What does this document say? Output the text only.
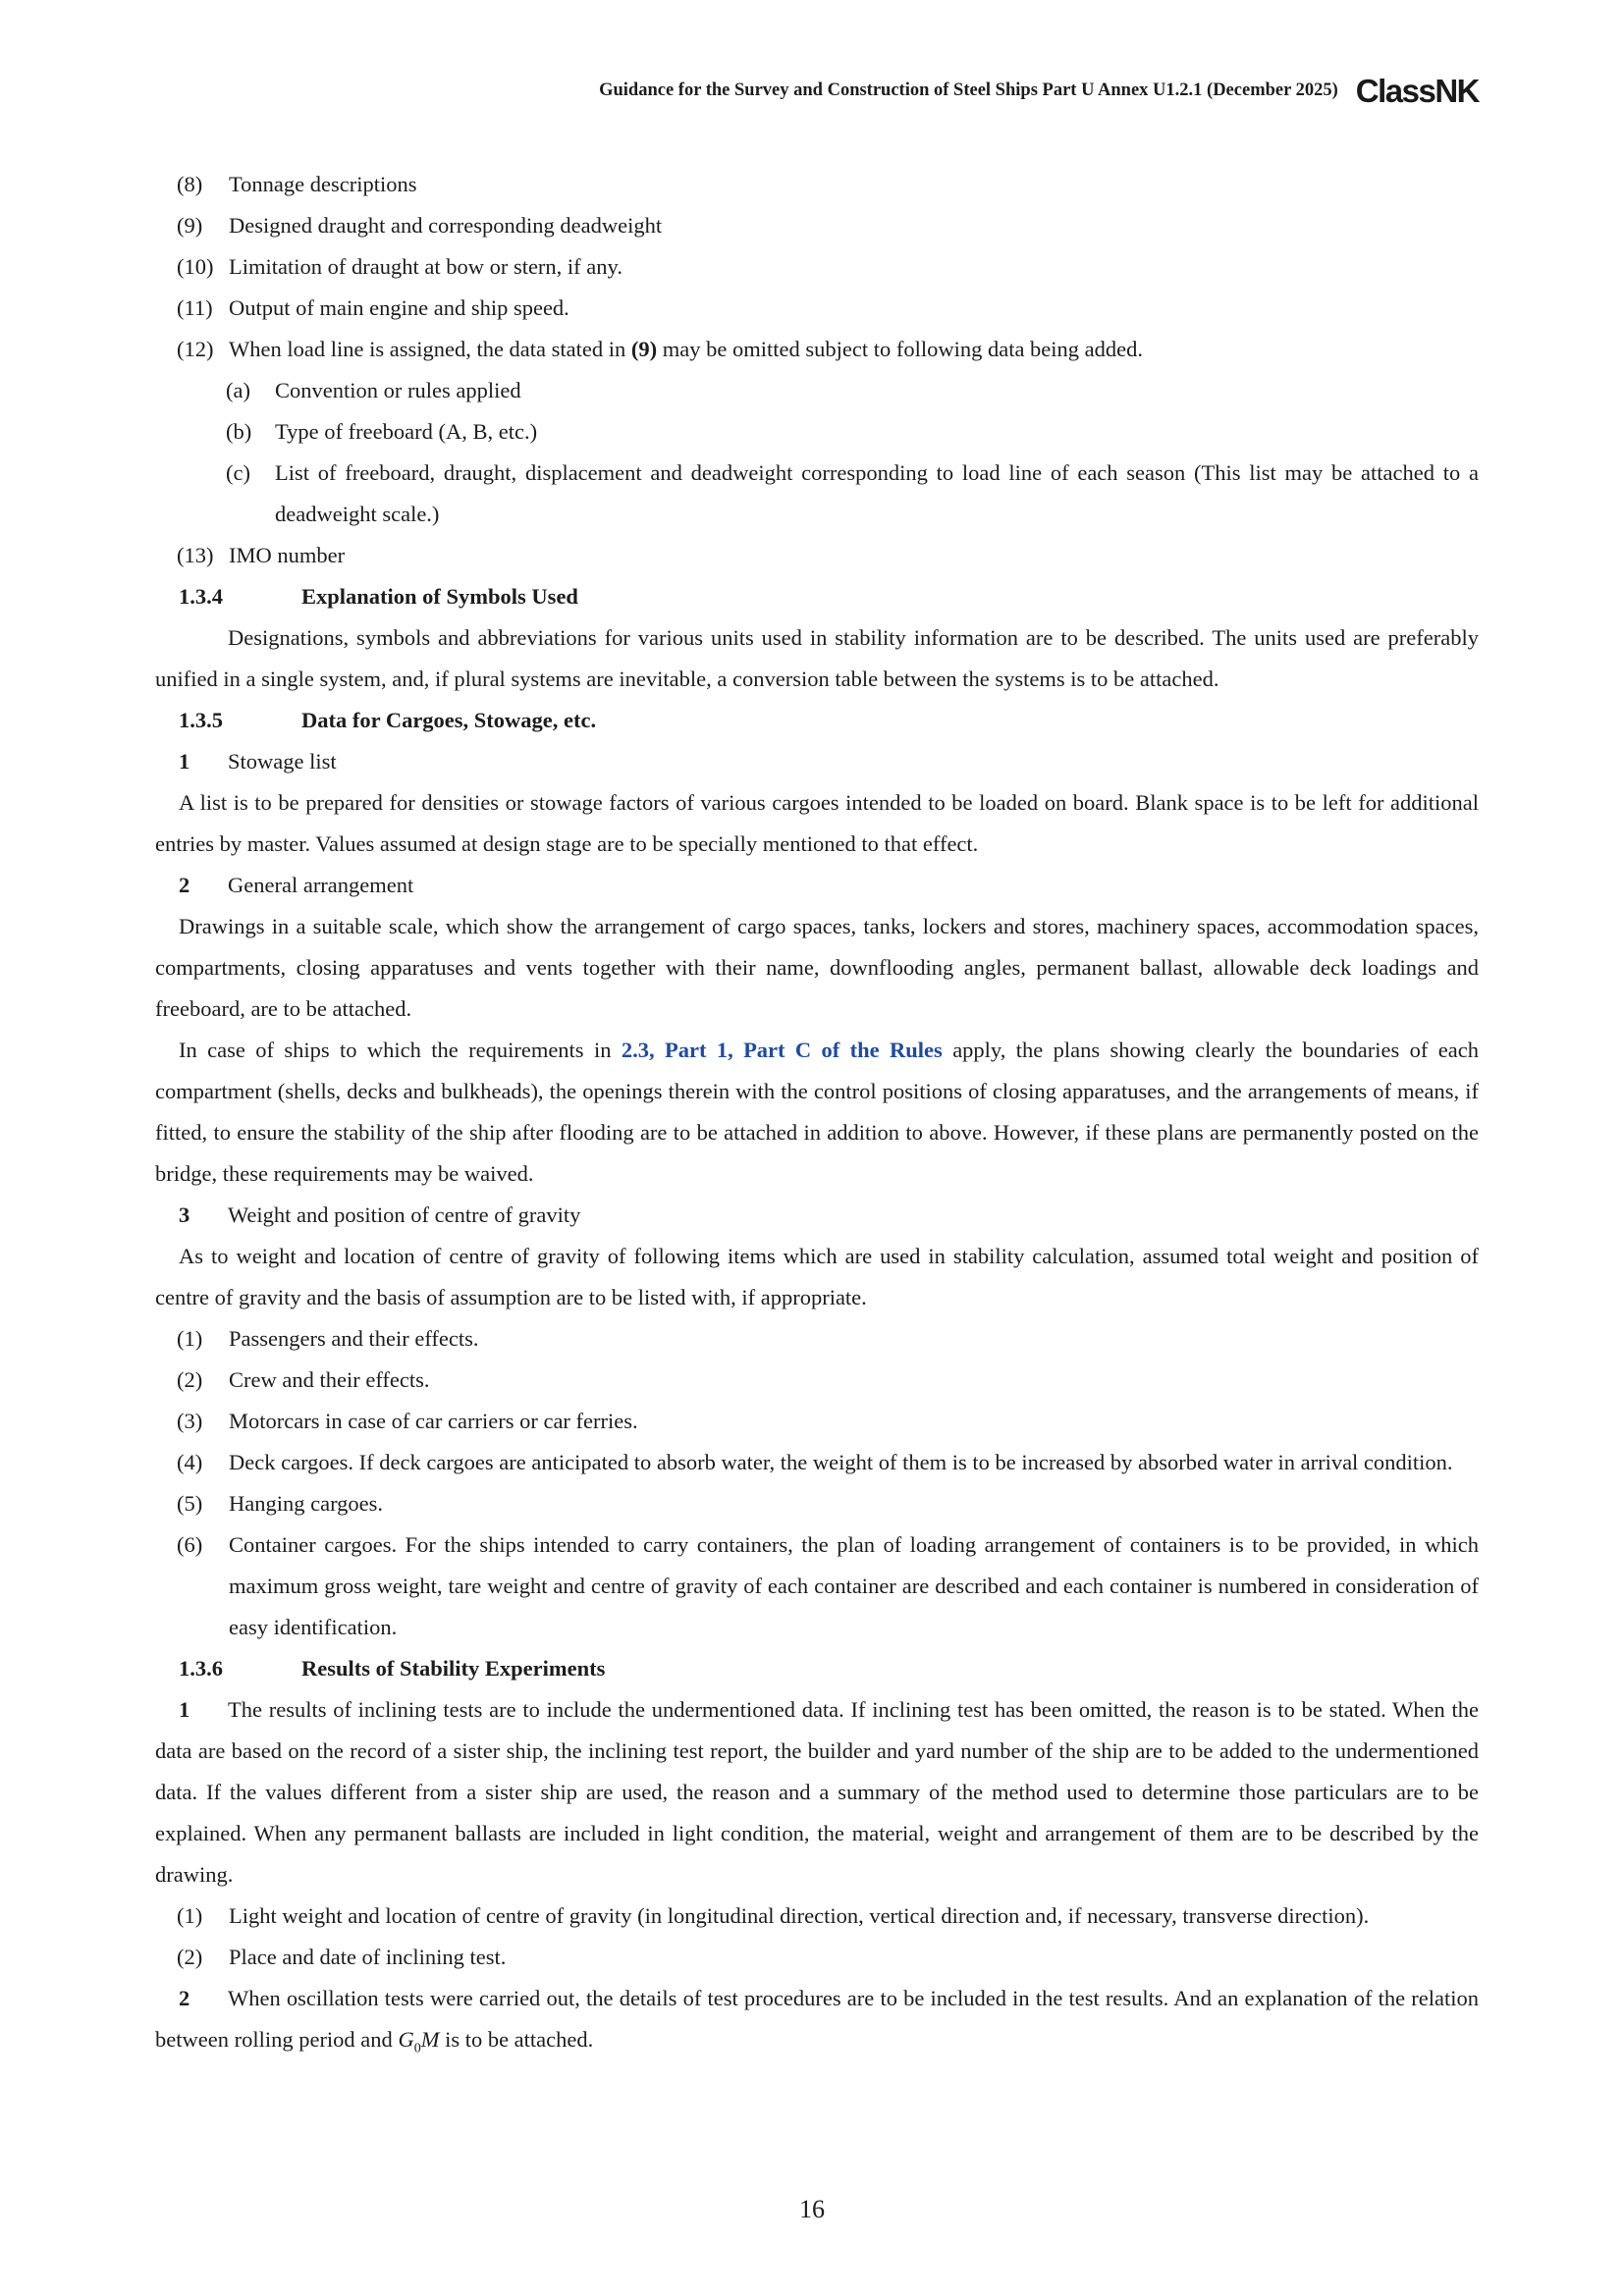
Guidance for the Survey and Construction of Steel Ships Part U Annex U1.2.1 (December 2025) ClassNK
(8)	Tonnage descriptions
(9)	Designed draught and corresponding deadweight
(10) Limitation of draught at bow or stern, if any.
(11) Output of main engine and ship speed.
(12) When load line is assigned, the data stated in (9) may be omitted subject to following data being added.
(a)	Convention or rules applied
(b)	Type of freeboard (A, B, etc.)
(c)	List of freeboard, draught, displacement and deadweight corresponding to load line of each season (This list may be attached to a deadweight scale.)
(13) IMO number
1.3.4	Explanation of Symbols Used
Designations, symbols and abbreviations for various units used in stability information are to be described. The units used are preferably unified in a single system, and, if plural systems are inevitable, a conversion table between the systems is to be attached.
1.3.5	Data for Cargoes, Stowage, etc.
1 Stowage list
A list is to be prepared for densities or stowage factors of various cargoes intended to be loaded on board. Blank space is to be left for additional entries by master. Values assumed at design stage are to be specially mentioned to that effect.
2 General arrangement
Drawings in a suitable scale, which show the arrangement of cargo spaces, tanks, lockers and stores, machinery spaces, accommodation spaces, compartments, closing apparatuses and vents together with their name, downflooding angles, permanent ballast, allowable deck loadings and freeboard, are to be attached.
In case of ships to which the requirements in 2.3, Part 1, Part C of the Rules apply, the plans showing clearly the boundaries of each compartment (shells, decks and bulkheads), the openings therein with the control positions of closing apparatuses, and the arrangements of means, if fitted, to ensure the stability of the ship after flooding are to be attached in addition to above. However, if these plans are permanently posted on the bridge, these requirements may be waived.
3 Weight and position of centre of gravity
As to weight and location of centre of gravity of following items which are used in stability calculation, assumed total weight and position of centre of gravity and the basis of assumption are to be listed with, if appropriate.
(1)	Passengers and their effects.
(2)	Crew and their effects.
(3)	Motorcars in case of car carriers or car ferries.
(4)	Deck cargoes. If deck cargoes are anticipated to absorb water, the weight of them is to be increased by absorbed water in arrival condition.
(5)	Hanging cargoes.
(6)	Container cargoes. For the ships intended to carry containers, the plan of loading arrangement of containers is to be provided, in which maximum gross weight, tare weight and centre of gravity of each container are described and each container is numbered in consideration of easy identification.
1.3.6	Results of Stability Experiments
1 The results of inclining tests are to include the undermentioned data. If inclining test has been omitted, the reason is to be stated. When the data are based on the record of a sister ship, the inclining test report, the builder and yard number of the ship are to be added to the undermentioned data. If the values different from a sister ship are used, the reason and a summary of the method used to determine those particulars are to be explained. When any permanent ballasts are included in light condition, the material, weight and arrangement of them are to be described by the drawing.
(1)	Light weight and location of centre of gravity (in longitudinal direction, vertical direction and, if necessary, transverse direction).
(2)	Place and date of inclining test.
2 When oscillation tests were carried out, the details of test procedures are to be included in the test results. And an explanation of the relation between rolling period and $G_0M$ is to be attached.
16
